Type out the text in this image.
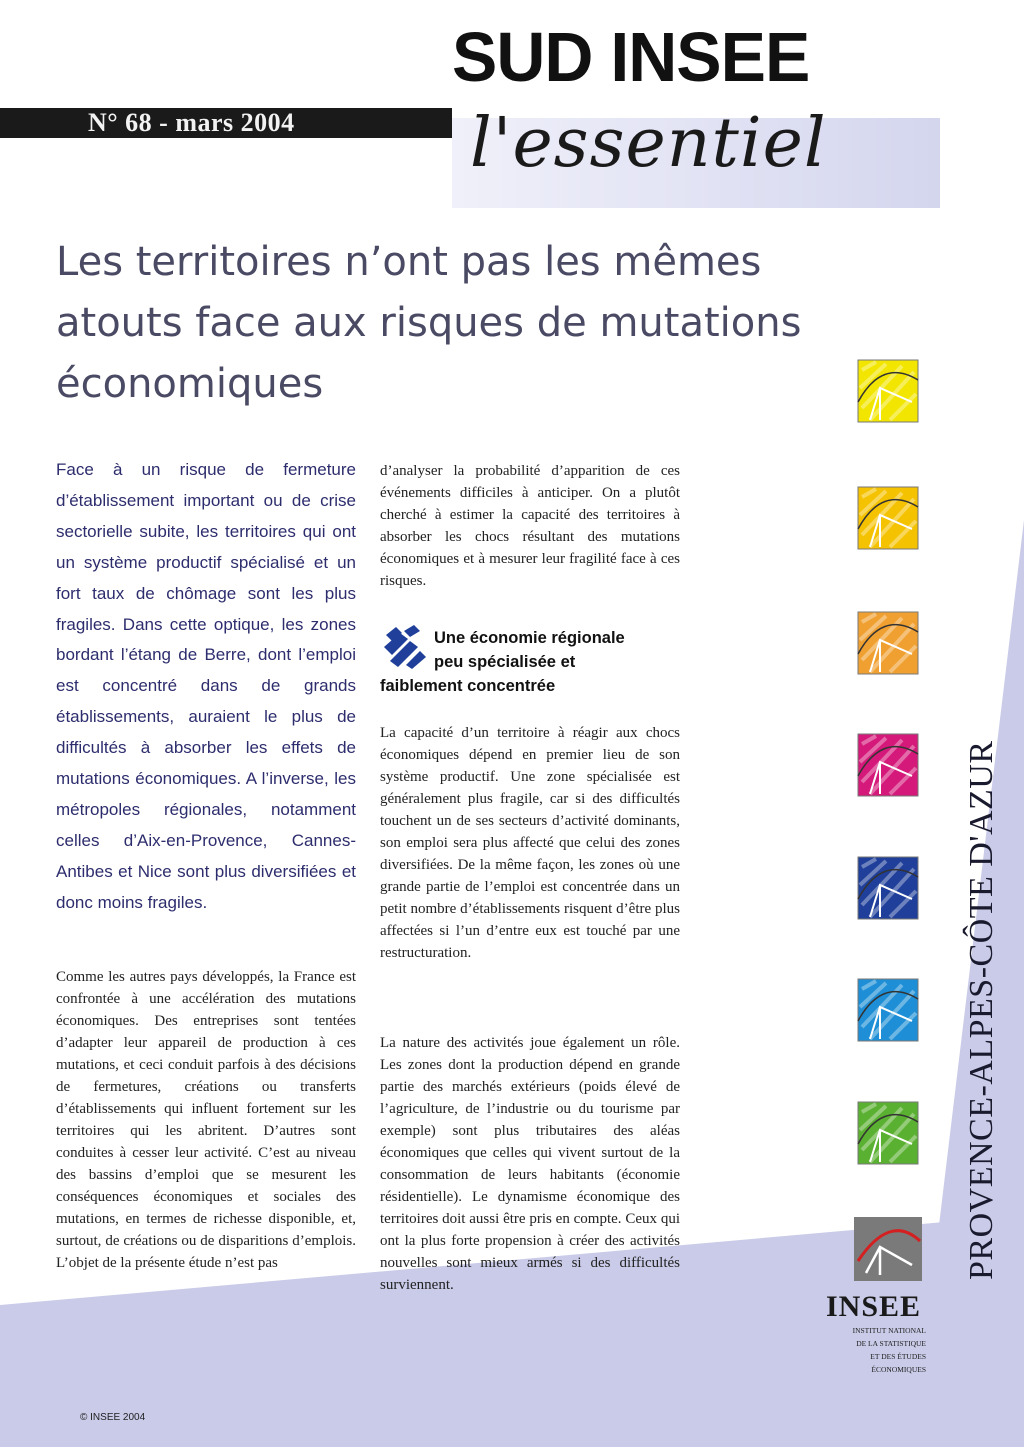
N° 68 - mars 2004
SUD INSEE
l'essentiel
Les territoires n’ont pas les mêmes atouts face aux risques de mutations économiques
Face à un risque de fermeture d’établissement important ou de crise sectorielle subite, les territoires qui ont un système productif spécialisé et un fort taux de chômage sont les plus fragiles. Dans cette optique, les zones bordant l’étang de Berre, dont l’emploi est concentré dans de grands établissements, auraient le plus de difficultés à absorber les effets de mutations économiques. A l’inverse, les métropoles régionales, notamment celles d’Aix-en-Provence, Cannes-Antibes et Nice sont plus diversifiées et donc moins fragiles.
Comme les autres pays développés, la France est confrontée à une accélération des mutations économiques. Des entreprises sont tentées d’adapter leur appareil de production à ces mutations, et ceci conduit parfois à des décisions de fermetures, créations ou transferts d’établissements qui influent fortement sur les territoires qui les abritent. D’autres sont conduites à cesser leur activité. C’est au niveau des bassins d’emploi que se mesurent les conséquences économiques et sociales des mutations, en termes de richesse disponible, et, surtout, de créations ou de disparitions d’emplois. L’objet de la présente étude n’est pas
d’analyser la probabilité d’apparition de ces événements difficiles à anticiper. On a plutôt cherché à estimer la capacité des territoires à absorber les chocs résultant des mutations économiques et à mesurer leur fragilité face à ces risques.
Une économie régionale
peu spécialisée et
faiblement concentrée
La capacité d’un territoire à réagir aux chocs économiques dépend en premier lieu de son système productif. Une zone spécialisée est généralement plus fragile, car si des difficultés touchent un de ses secteurs d’activité dominants, son emploi sera plus affecté que celui des zones diversifiées. De la même façon, les zones où une grande partie de l’emploi est concentrée dans un petit nombre d’établissements risquent d’être plus affectées si l’un d’entre eux est touché par une restructuration.
La nature des activités joue également un rôle. Les zones dont la production dépend en grande partie des marchés extérieurs (poids élevé de l’agriculture, de l’industrie ou du tourisme par exemple) sont plus tributaires des aléas économiques que celles qui vivent surtout de la consommation de leurs habitants (économie résidentielle). Le dynamisme économique des territoires doit aussi être pris en compte. Ceux qui ont la plus forte propension à créer des activités nouvelles sont mieux armés si des difficultés surviennent.
PROVENCE-ALPES-CÔTE D'AZUR
INSEE
INSTITUT NATIONAL
DE LA STATISTIQUE
ET DES ÉTUDES
ÉCONOMIQUES
© INSEE 2004
